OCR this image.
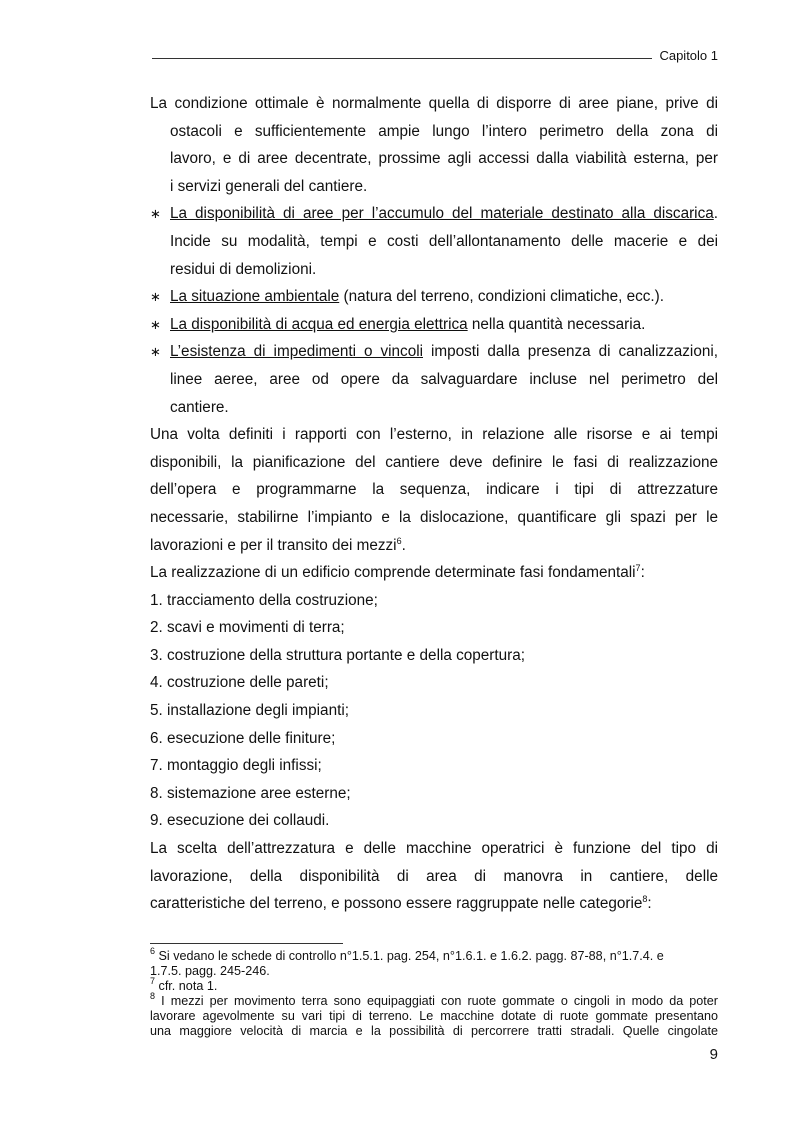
Capitolo 1
La condizione ottimale è normalmente quella di disporre di aree piane, prive di
ostacoli e sufficientemente ampie lungo l’intero perimetro della zona di
lavoro, e di aree decentrate, prossime agli accessi dalla viabilità esterna, per
i servizi generali del cantiere.
∗ La disponibilità di aree per l’accumulo del materiale destinato alla discarica.
Incide su modalità, tempi e costi dell’allontanamento delle macerie e dei
residui di demolizioni.
∗ La situazione ambientale (natura del terreno, condizioni climatiche, ecc.).
∗ La disponibilità di acqua ed energia elettrica nella quantità necessaria.
∗ L’esistenza di impedimenti o vincoli imposti dalla presenza di canalizzazioni,
linee aeree, aree od opere da salvaguardare incluse nel perimetro del
cantiere.
Una volta definiti i rapporti con l’esterno, in relazione alle risorse e ai tempi
disponibili, la pianificazione del cantiere deve definire le fasi di realizzazione
dell’opera e programmarne la sequenza, indicare i tipi di attrezzature
necessarie, stabilirne l’impianto e la dislocazione, quantificare gli spazi per le
lavorazioni e per il transito dei mezzi$^6$.
La realizzazione di un edificio comprende determinate fasi fondamentali$^7$:
1. tracciamento della costruzione;
2. scavi e movimenti di terra;
3. costruzione della struttura portante e della copertura;
4. costruzione delle pareti;
5. installazione degli impianti;
6. esecuzione delle finiture;
7. montaggio degli infissi;
8. sistemazione aree esterne;
9. esecuzione dei collaudi.
La scelta dell’attrezzatura e delle macchine operatrici è funzione del tipo di
lavorazione, della disponibilità di area di manovra in cantiere, delle
caratteristiche del terreno, e possono essere raggruppate nelle categorie$^8$:
$^6$ Si vedano le schede di controllo n°1.5.1. pag. 254, n°1.6.1. e 1.6.2. pagg. 87-88, n°1.7.4. e
1.7.5. pagg. 245-246.
$^7$ cfr. nota 1.
$^8$ I mezzi per movimento terra sono equipaggiati con ruote gommate o cingoli in modo da poter
lavorare agevolmente su vari tipi di terreno. Le macchine dotate di ruote gommate presentano
una maggiore velocità di marcia e la possibilità di percorrere tratti stradali. Quelle cingolate
9
